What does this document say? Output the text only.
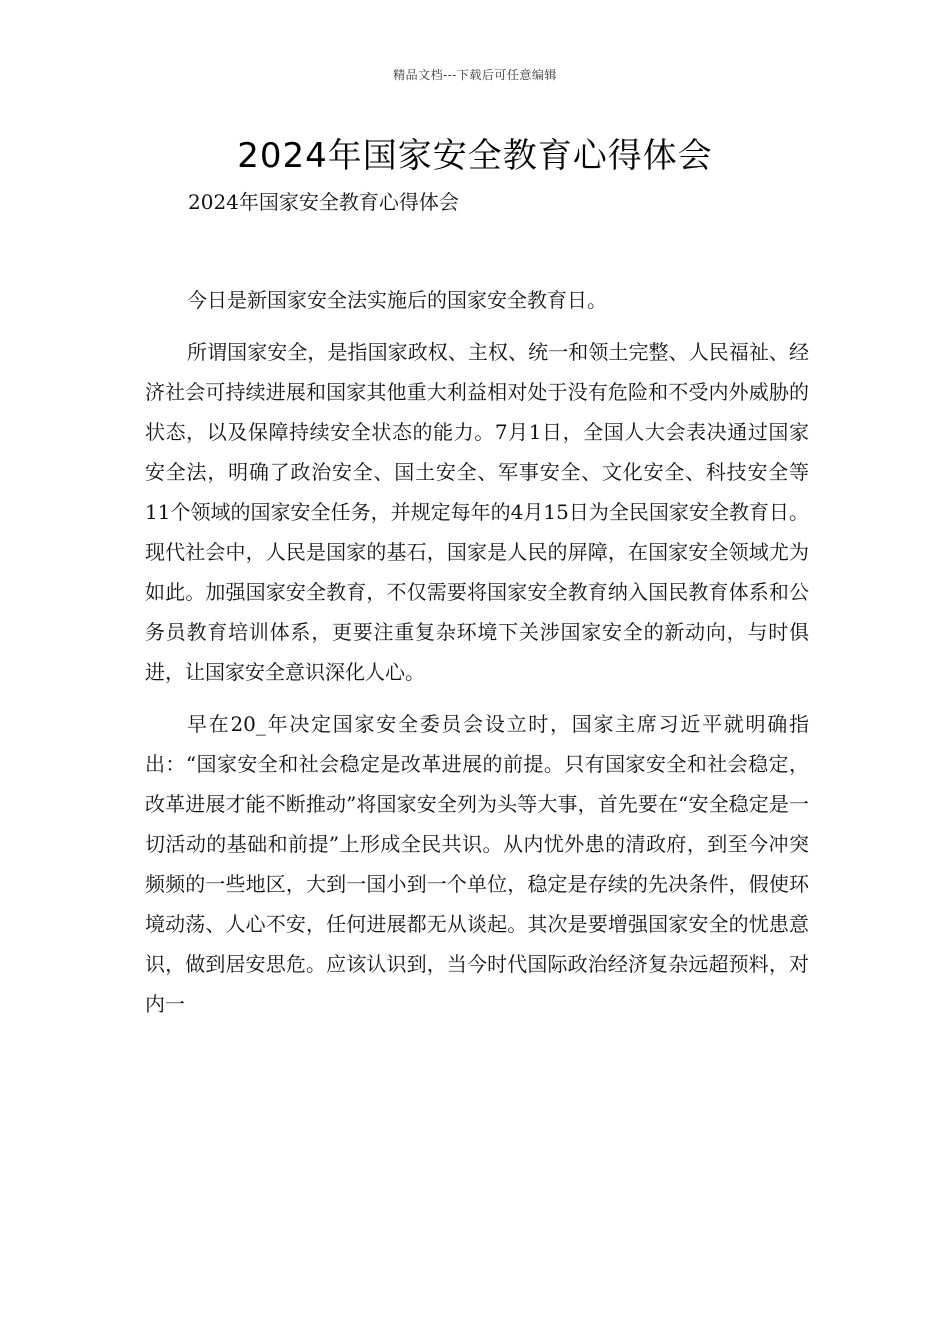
精品文档---下载后可任意编辑
2024年国家安全教育心得体会
2024年国家安全教育心得体会

今日是新国家安全法实施后的国家安全教育日。

所谓国家安全，是指国家政权、主权、统一和领土完整、人民福祉、经济社会可持续进展和国家其他重大利益相对处于没有危险和不受内外威胁的状态，以及保障持续安全状态的能力。7月1日，全国人大会表决通过国家安全法，明确了政治安全、国土安全、军事安全、文化安全、科技安全等11个领域的国家安全任务，并规定每年的4月15日为全民国家安全教育日。现代社会中，人民是国家的基石，国家是人民的屏障，在国家安全领域尤为如此。加强国家安全教育，不仅需要将国家安全教育纳入国民教育体系和公务员教育培训体系，更要注重复杂环境下关涉国家安全的新动向，与时俱进，让国家安全意识深化人心。

早在20_年决定国家安全委员会设立时，国家主席习近平就明确指出：“国家安全和社会稳定是改革进展的前提。只有国家安全和社会稳定，改革进展才能不断推动”将国家安全列为头等大事，首先要在“安全稳定是一切活动的基础和前提”上形成全民共识。从内忧外患的清政府，到至今冲突频频的一些地区，大到一国小到一个单位，稳定是存续的先决条件，假使环境动荡、人心不安，任何进展都无从谈起。其次是要增强国家安全的忧患意识，做到居安思危。应该认识到，当今时代国际政治经济复杂远超预料，对内一
